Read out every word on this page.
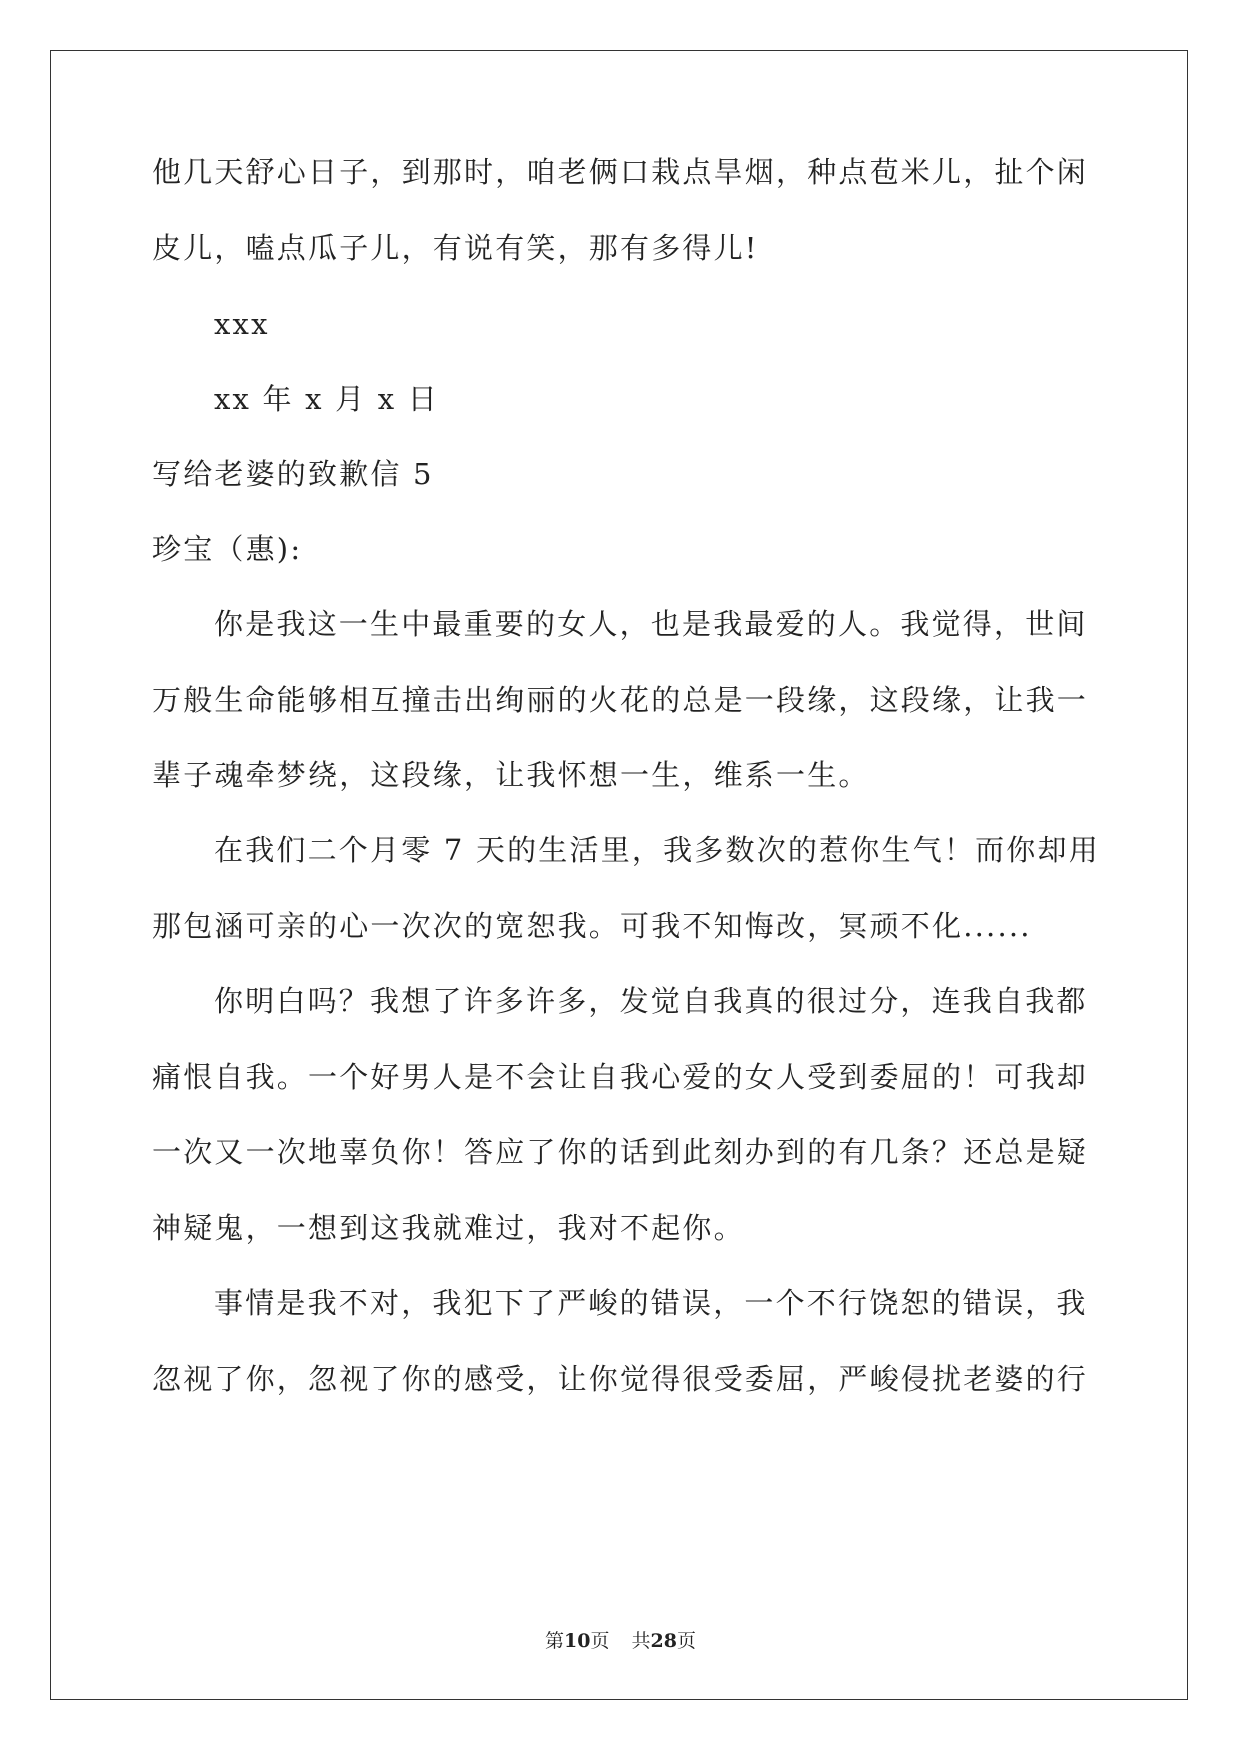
他几天舒心日子，到那时，咱老俩口栽点旱烟，种点苞米儿，扯个闲
皮儿，嗑点瓜子儿，有说有笑，那有多得儿!
xxx
xx 年 x 月 x 日
写给老婆的致歉信 5
珍宝（惠):
你是我这一生中最重要的女人，也是我最爱的人。我觉得，世间
万般生命能够相互撞击出绚丽的火花的总是一段缘，这段缘，让我一
辈子魂牵梦绕，这段缘，让我怀想一生，维系一生。
在我们二个月零 7 天的生活里，我多数次的惹你生气！而你却用
那包涵可亲的心一次次的宽恕我。可我不知悔改，冥顽不化......
你明白吗？我想了许多许多，发觉自我真的很过分，连我自我都
痛恨自我。一个好男人是不会让自我心爱的女人受到委屈的！可我却
一次又一次地辜负你！答应了你的话到此刻办到的有几条？还总是疑
神疑鬼，一想到这我就难过，我对不起你。
事情是我不对，我犯下了严峻的错误，一个不行饶恕的错误，我
忽视了你，忽视了你的感受，让你觉得很受委屈，严峻侵扰老婆的行
第10页 共28页
